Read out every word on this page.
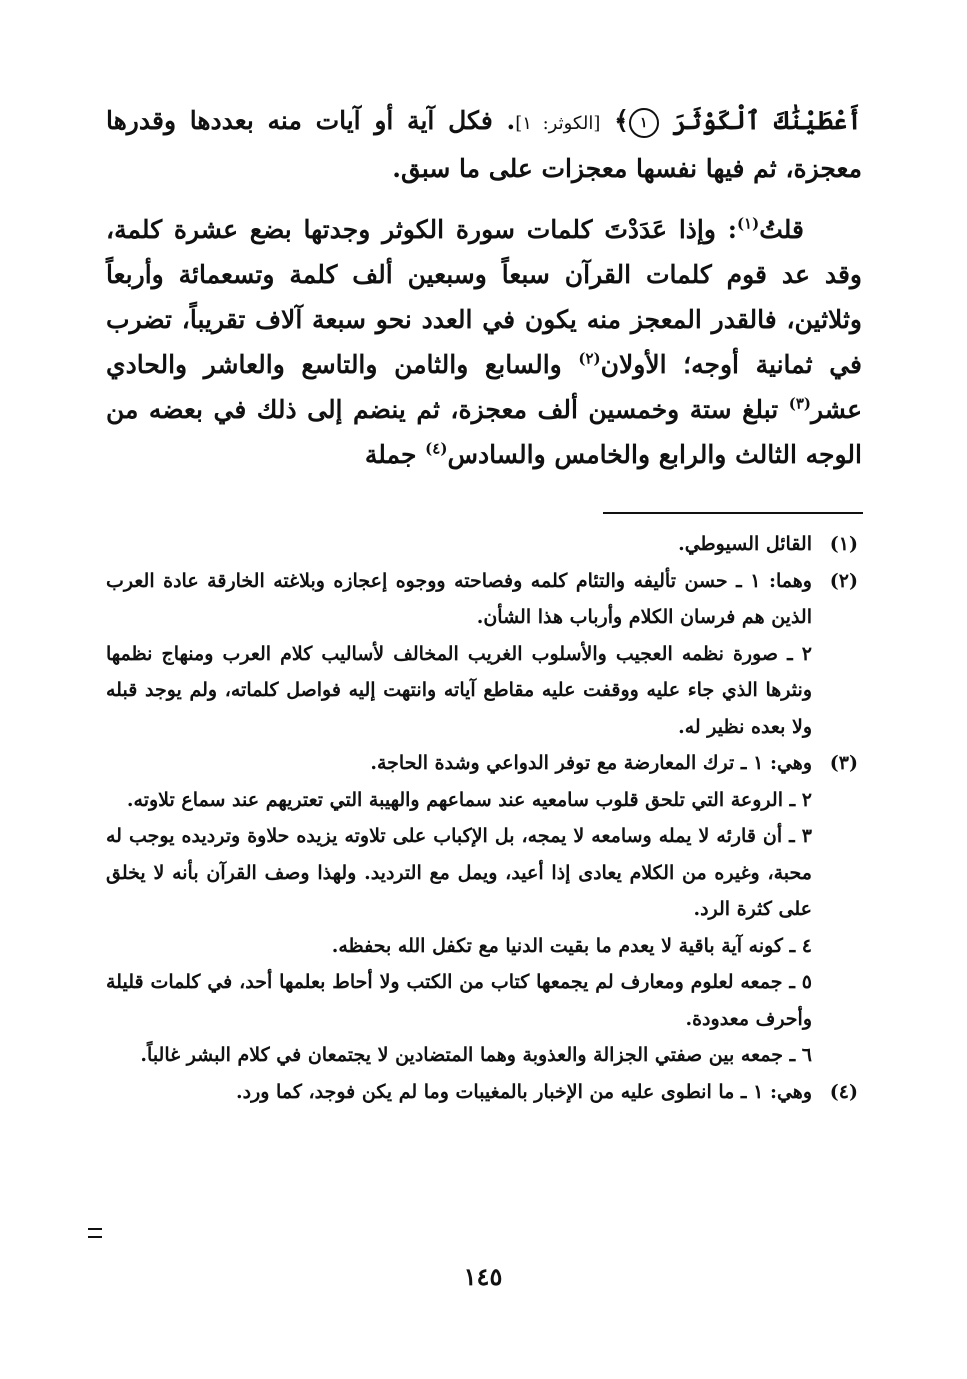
أَعْطَيْنَٰكَ ٱلْكَوْثَرَ ١﴾ [الكوثر: ١]. فكل آية أو آيات منه بعددها وقدرها معجزة، ثم فيها نفسها معجزات على ما سبق.

قلتُ$^{(١)}$: وإذا عَدَدْتَ كلمات سورة الكوثر وجدتها بضع عشرة كلمة، وقد عد قوم كلمات القرآن سبعاً وسبعين ألف كلمة وتسعمائة وأربعاً وثلاثين، فالقدر المعجز منه يكون في العدد نحو سبعة آلاف تقريباً، تضرب في ثمانية أوجه؛ الأولان$^{(٢)}$ والسابع والثامن والتاسع والعاشر والحادي عشر$^{(٣)}$ تبلغ ستة وخمسين ألف معجزة، ثم ينضم إلى ذلك في بعضه من الوجه الثالث والرابع والخامس والسادس$^{(٤)}$ جملة

(١)
القائل السيوطي.
(٢)
وهما: ١ ـ حسن تأليفه والتئام كلمه وفصاحته ووجوه إعجازه وبلاغته الخارقة عادة العرب الذين هم فرسان الكلام وأرباب هذا الشأن.
٢ ـ صورة نظمه العجيب والأسلوب الغريب المخالف لأساليب كلام العرب ومنهاج نظمها ونثرها الذي جاء عليه ووقفت عليه مقاطع آياته وانتهت إليه فواصل كلماته، ولم يوجد قبله ولا بعده نظير له.
(٣)
وهي: ١ ـ ترك المعارضة مع توفر الدواعي وشدة الحاجة.
٢ ـ الروعة التي تلحق قلوب سامعيه عند سماعهم والهيبة التي تعتريهم عند سماع تلاوته.
٣ ـ أن قارئه لا يمله وسامعه لا يمجه، بل الإكباب على تلاوته يزيده حلاوة وترديده يوجب له محبة، وغيره من الكلام يعادى إذا أعيد، ويمل مع الترديد. ولهذا وصف القرآن بأنه لا يخلق على كثرة الرد.
٤ ـ كونه آية باقية لا يعدم ما بقيت الدنيا مع تكفل الله بحفظه.
٥ ـ جمعه لعلوم ومعارف لم يجمعها كتاب من الكتب ولا أحاط بعلمها أحد، في كلمات قليلة وأحرف معدودة.
٦ ـ جمعه بين صفتي الجزالة والعذوبة وهما المتضادين لا يجتمعان في كلام البشر غالباً.
(٤)
وهي: ١ ـ ما انطوى عليه من الإخبار بالمغيبات وما لم يكن فوجد، كما ورد.
١٤٥
